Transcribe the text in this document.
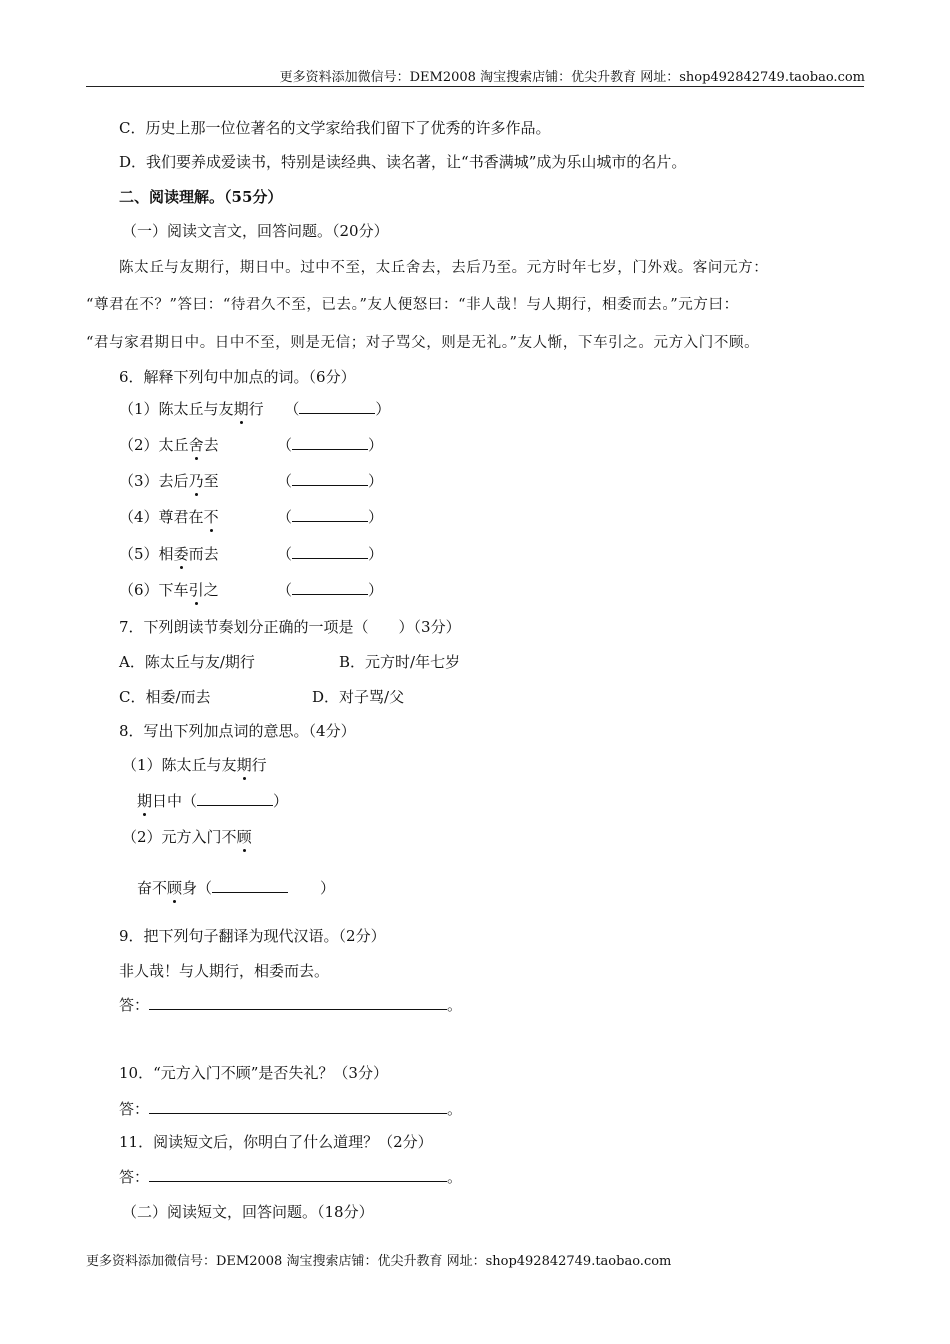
更多资料添加微信号：DEM2008 淘宝搜索店铺：优尖升教育 网址：shop492842749.taobao.com
C．历史上那一位位著名的文学家给我们留下了优秀的许多作品。
D．我们要养成爱读书，特别是读经典、读名著，让“书香满城”成为乐山城市的名片。
二、阅读理解。（55分）
（一）阅读文言文，回答问题。（20分）
陈太丘与友期行，期日中。过中不至，太丘舍去，去后乃至。元方时年七岁，门外戏。客问元方：
“尊君在不？”答曰：“待君久不至，已去。”友人便怒曰：“非人哉！与人期行，相委而去。”元方曰：
“君与家君期日中。日中不至，则是无信；对子骂父，则是无礼。”友人惭，下车引之。元方入门不顾。
6．解释下列句中加点的词。（6分）
（1）陈太丘与友期行 （	）
（2）太丘舍去	（	）
（3）去后乃至	（	）
（4）尊君在不	（	）
（5）相委而去	（	）
（6）下车引之	（	）
7．下列朗读节奏划分正确的一项是（　　）（3分）
A．陈太丘与友/期行	B．元方时/年七岁
C．相委/而去	D．对子骂/父
8．写出下列加点词的意思。（4分）
（1）陈太丘与友期行
期日中（	）
（2）元方入门不顾
奋不顾身（	）
9．把下列句子翻译为现代汉语。（2分）
非人哉！与人期行，相委而去。
答：	。
10．“元方入门不顾”是否失礼？（3分）
答：	。
11．阅读短文后，你明白了什么道理？（2分）
答：	。
（二）阅读短文，回答问题。（18分）
更多资料添加微信号：DEM2008 淘宝搜索店铺：优尖升教育 网址：shop492842749.taobao.com
